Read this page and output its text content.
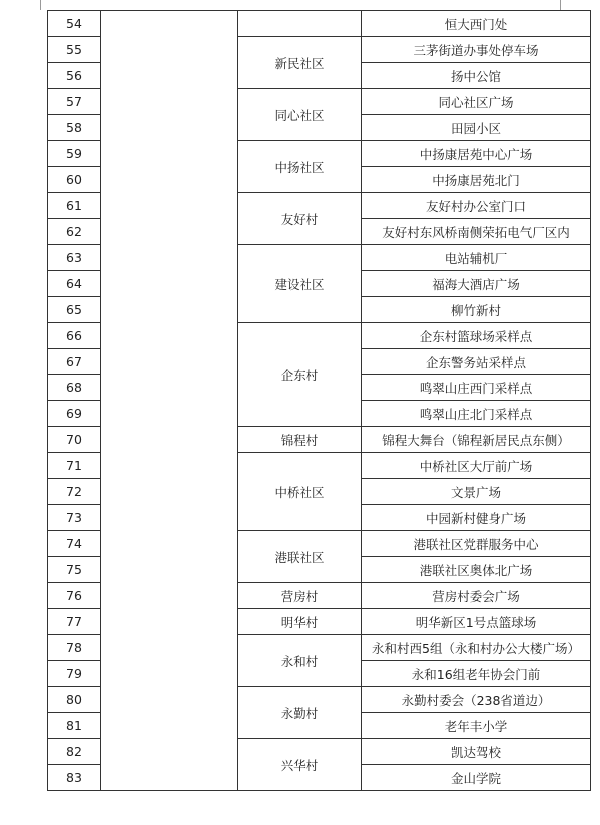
54			恒大西门处
55		新民社区	三茅街道办事处停车场
56			扬中公馆
57		同心社区	同心社区广场
58			田园小区
59		中扬社区	中扬康居苑中心广场
60			中扬康居苑北门
61		友好村	友好村办公室门口
62			友好村东风桥南侧荣拓电气厂区内
63		建设社区	电站辅机厂
64			福海大酒店广场
65			柳竹新村
66		企东村	企东村篮球场采样点
67			企东警务站采样点
68			鸣翠山庄西门采样点
69			鸣翠山庄北门采样点
70		锦程村	锦程大舞台（锦程新居民点东侧）
71		中桥社区	中桥社区大厅前广场
72			文景广场
73			中园新村健身广场
74		港联社区	港联社区党群服务中心
75			港联社区奥体北广场
76		营房村	营房村委会广场
77		明华村	明华新区1号点篮球场
78		永和村	永和村西5组（永和村办公大楼广场）
79			永和16组老年协会门前
80		永勤村	永勤村委会（238省道边）
81			老年丰小学
82		兴华村	凯达驾校
83			金山学院
